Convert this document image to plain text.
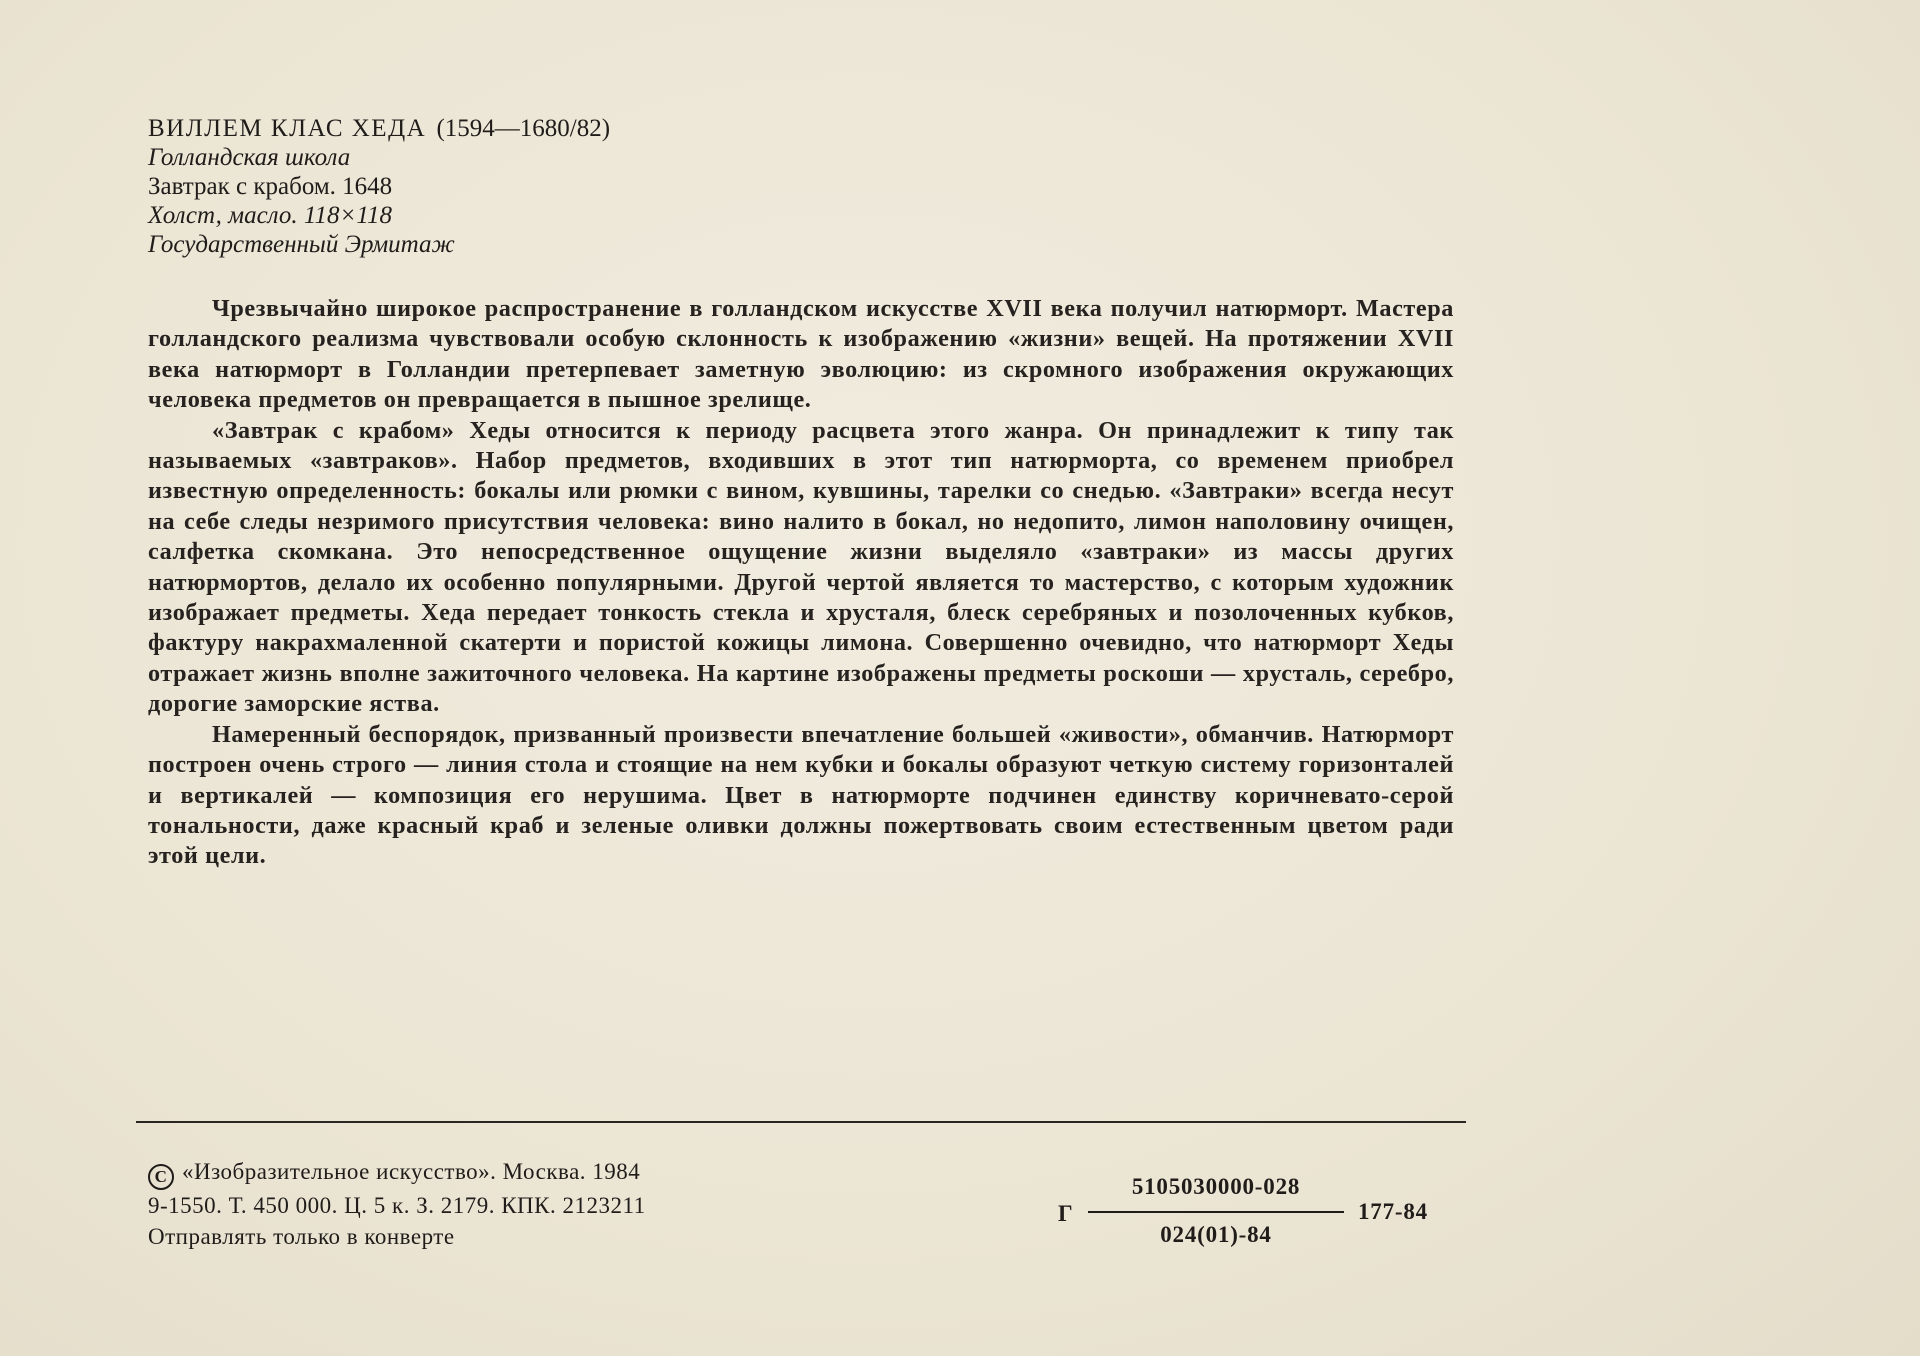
ВИЛЛЕМ КЛАС ХЕДА (1594—1680/82)
Голландская школа
Завтрак с крабом. 1648
Холст, масло. 118×118
Государственный Эрмитаж

Чрезвычайно широкое распространение в голландском искусстве XVII века получил натюрморт. Мастера голландского реализма чувствовали особую склонность к изображению «жизни» вещей. На протяжении XVII века натюрморт в Голландии претерпевает заметную эволюцию: из скромного изображения окружающих человека предметов он превращается в пышное зрелище.

«Завтрак с крабом» Хеды относится к периоду расцвета этого жанра. Он принадлежит к типу так называемых «завтраков». Набор предметов, входивших в этот тип натюрморта, со временем приобрел известную определенность: бокалы или рюмки с вином, кувшины, тарелки со снедью. «Завтраки» всегда несут на себе следы незримого присутствия человека: вино налито в бокал, но недопито, лимон наполовину очищен, салфетка скомкана. Это непосредственное ощущение жизни выделяло «завтраки» из массы других натюрмортов, делало их особенно популярными. Другой чертой является то мастерство, с которым художник изображает предметы. Хеда передает тонкость стекла и хрусталя, блеск серебряных и позолоченных кубков, фактуру накрахмаленной скатерти и пористой кожицы лимона. Совершенно очевидно, что натюрморт Хеды отражает жизнь вполне зажиточного человека. На картине изображены предметы роскоши — хрусталь, серебро, дорогие заморские яства.

Намеренный беспорядок, призванный произвести впечатление большей «живости», обманчив. Натюрморт построен очень строго — линия стола и стоящие на нем кубки и бокалы образуют четкую систему горизонталей и вертикалей — композиция его нерушима. Цвет в натюрморте подчинен единству коричневато-серой тональности, даже красный краб и зеленые оливки должны пожертвовать своим естественным цветом ради этой цели.

C «Изобразительное искусство». Москва. 1984
9-1550. Т. 450 000. Ц. 5 к. З. 2179. КПК. 2123211
Отправлять только в конверте
Г
5105030000-028
024(01)-84
177-84
